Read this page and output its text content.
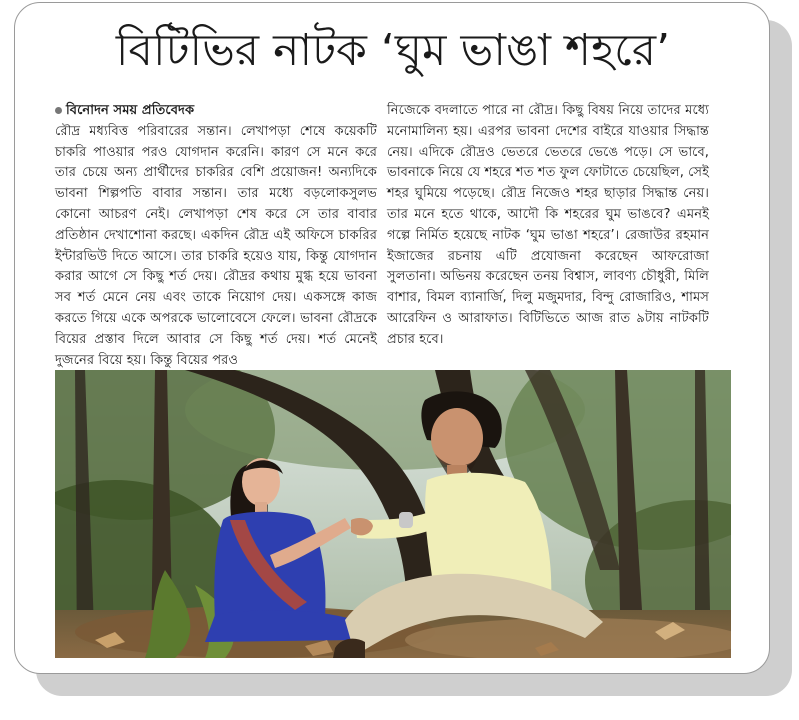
বিটিভির নাটক ‘ঘুম ভাঙা শহরে’
বিনোদন সময় প্রতিবেদক
রৌদ্র মধ্যবিত্ত পরিবারের সন্তান। লেখাপড়া শেষে কয়েকটি চাকরি পাওয়ার পরও যোগদান করেনি। কারণ সে মনে করে তার চেয়ে অন্য প্রার্থীদের চাকরির বেশি প্রয়োজন! অন্যদিকে ভাবনা শিল্পপতি বাবার সন্তান। তার মধ্যে বড়লোকসুলভ কোনো আচরণ নেই। লেখাপড়া শেষ করে সে তার বাবার প্রতিষ্ঠান দেখাশোনা করছে। একদিন রৌদ্র এই অফিসে চাকরির ইন্টারভিউ দিতে আসে। তার চাকরি হয়েও যায়, কিন্তু যোগদান করার আগে সে কিছু শর্ত দেয়। রৌদ্রর কথায় মুগ্ধ হয়ে ভাবনা সব শর্ত মেনে নেয় এবং তাকে নিয়োগ দেয়। একসঙ্গে কাজ করতে গিয়ে একে অপরকে ভালোবেসে ফেলে। ভাবনা রৌদ্রকে বিয়ের প্রস্তাব দিলে আবার সে কিছু শর্ত দেয়। শর্ত মেনেই দুজনের বিয়ে হয়। কিন্তু বিয়ের পরও
নিজেকে বদলাতে পারে না রৌদ্র। কিছু বিষয় নিয়ে তাদের মধ্যে মনোমালিন্য হয়। এরপর ভাবনা দেশের বাইরে যাওয়ার সিদ্ধান্ত নেয়। এদিকে রৌদ্রও ভেতরে ভেতরে ভেঙে পড়ে। সে ভাবে, ভাবনাকে নিয়ে যে শহরে শত শত ফুল ফোটাতে চেয়েছিল, সেই শহর ঘুমিয়ে পড়েছে। রৌদ্র নিজেও শহর ছাড়ার সিদ্ধান্ত নেয়। তার মনে হতে থাকে, আদৌ কি শহরের ঘুম ভাঙবে? এমনই গল্পে নির্মিত হয়েছে নাটক ‘ঘুম ভাঙা শহরে’। রেজাউর রহমান ইজাজের রচনায় এটি প্রযোজনা করেছেন আফরোজা সুলতানা। অভিনয় করেছেন তনয় বিশ্বাস, লাবণ্য চৌধুরী, মিলি বাশার, বিমল ব্যানার্জি, দিলু মজুমদার, বিন্দু রোজারিও, শামস আরেফিন ও আরাফাত। বিটিভিতে আজ রাত ৯টায় নাটকটি প্রচার হবে।
